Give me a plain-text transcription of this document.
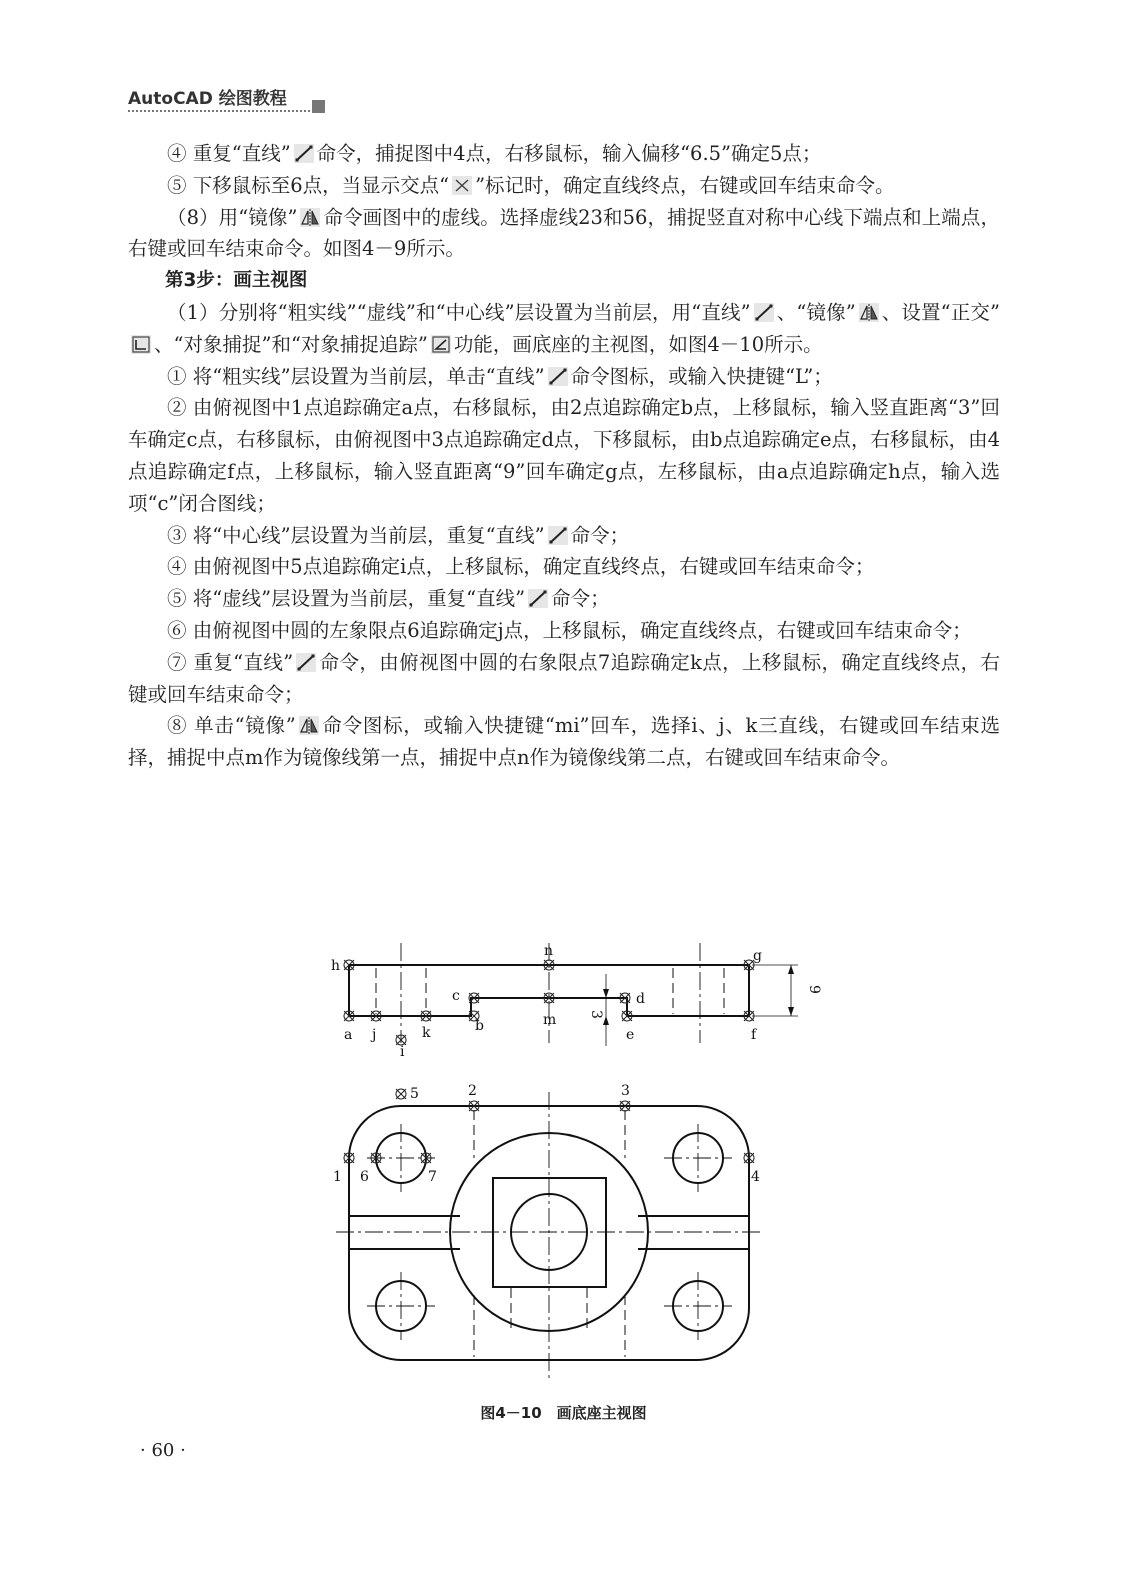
AutoCAD 绘图教程

④ 重复“直线” 命令，捕捉图中4点，右移鼠标，输入偏移“6.5”确定5点；

⑤ 下移鼠标至6点，当显示交点“ ”标记时，确定直线终点，右键或回车结束命令。

（8）用“镜像” 命令画图中的虚线。选择虚线23和56，捕捉竖直对称中心线下端点和上端点，右键或回车结束命令。如图4－9所示。

第3步：画主视图

（1）分别将“粗实线”“虚线”和“中心线”层设置为当前层，用“直线” 、“镜像” 、设置“正交”
、“对象捕捉”和“对象捕捉追踪” 功能，画底座的主视图，如图4－10所示。

① 将“粗实线”层设置为当前层，单击“直线” 命令图标，或输入快捷键“L”；

② 由俯视图中1点追踪确定a点，右移鼠标，由2点追踪确定b点，上移鼠标，输入竖直距离“3”回车确定c点，右移鼠标，由俯视图中3点追踪确定d点，下移鼠标，由b点追踪确定e点，右移鼠标，由4点追踪确定f点，上移鼠标，输入竖直距离“9”回车确定g点，左移鼠标，由a点追踪确定h点，输入选项“c”闭合图线；

③ 将“中心线”层设置为当前层，重复“直线” 命令；

④ 由俯视图中5点追踪确定i点，上移鼠标，确定直线终点，右键或回车结束命令；

⑤ 将“虚线”层设置为当前层，重复“直线” 命令；

⑥ 由俯视图中圆的左象限点6追踪确定j点，上移鼠标，确定直线终点，右键或回车结束命令；

⑦ 重复“直线” 命令，由俯视图中圆的右象限点7追踪确定k点，上移鼠标，确定直线终点，右键或回车结束命令；

⑧ 单击“镜像” 命令图标，或输入快捷键“mi”回车，选择i、j、k三直线，右键或回车结束选择，捕捉中点m作为镜像线第一点，捕捉中点n作为镜像线第二点，右键或回车结束命令。

h
n	g
c	d
a j	k	b	m
e	f
i
9
3
5	2	3
1 6	7	4
图4－10　画底座主视图
· 60 ·
